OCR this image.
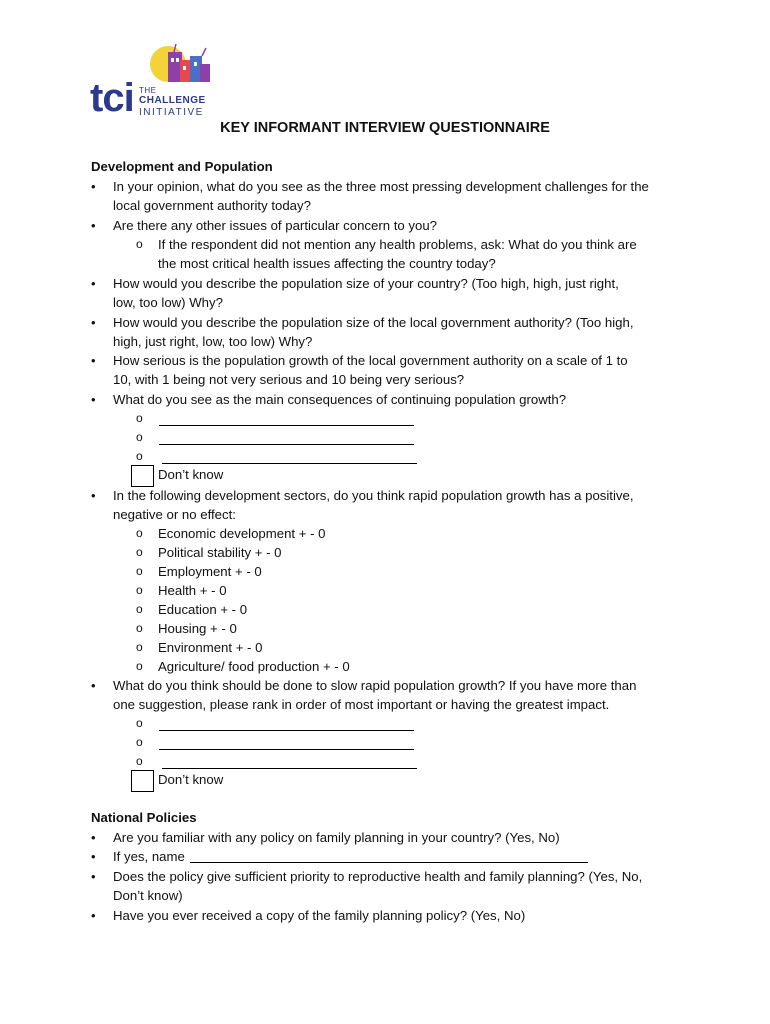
tci THE
CHALLENGE
INITIATIVE
KEY INFORMANT INTERVIEW QUESTIONNAIRE
Development and Population
• In your opinion, what do you see as the three most pressing development challenges for the
local government authority today?
• Are there any other issues of particular concern to you?
o If the respondent did not mention any health problems, ask: What do you think are
the most critical health issues affecting the country today?
• How would you describe the population size of your country? (Too high, high, just right,
low, too low) Why?
• How would you describe the population size of the local government authority? (Too high,
high, just right, low, too low) Why?
• How serious is the population growth of the local government authority on a scale of 1 to
10, with 1 being not very serious and 10 being very serious?
• What do you see as the main consequences of continuing population growth?
o
o
o
Don’t know
• In the following development sectors, do you think rapid population growth has a positive,
negative or no effect:
o Economic development + - 0
o Political stability + - 0
o Employment + - 0
o Health + - 0
o Education + - 0
o Housing + - 0
o Environment + - 0
o Agriculture/ food production + - 0
• What do you think should be done to slow rapid population growth? If you have more than
one suggestion, please rank in order of most important or having the greatest impact.
o
o
o
Don’t know
National Policies
• Are you familiar with any policy on family planning in your country? (Yes, No)
• If yes, name
• Does the policy give sufficient priority to reproductive health and family planning? (Yes, No,
Don’t know)
• Have you ever received a copy of the family planning policy? (Yes, No)
